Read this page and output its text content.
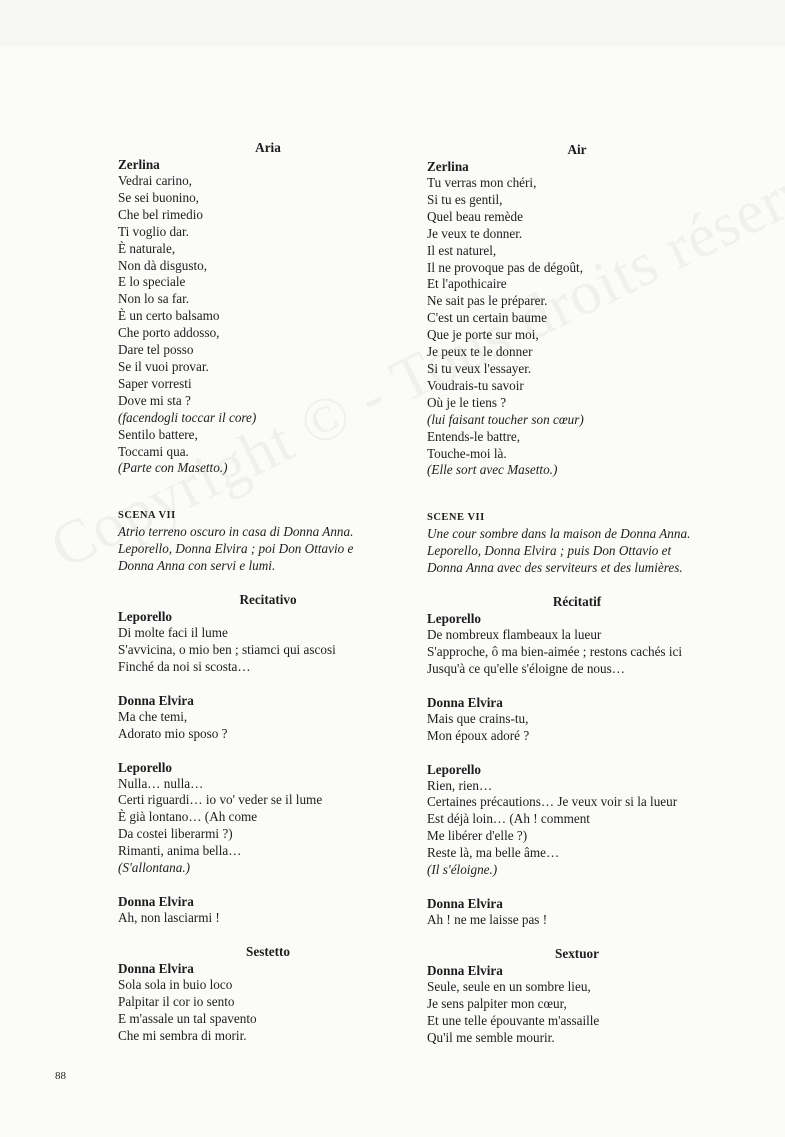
Aria
Zerlina
Vedrai carino,
Se sei buonino,
Che bel rimedio
Ti voglio dar.
È naturale,
Non dà disgusto,
E lo speciale
Non lo sa far.
È un certo balsamo
Che porto addosso,
Dare tel posso
Se il vuoi provar.
Saper vorresti
Dove mi sta ?
(facendogli toccar il core)
Sentilo battere,
Toccami qua.
(Parte con Masetto.)
SCENA VII
Atrio terreno oscuro in casa di Donna Anna.
Leporello, Donna Elvira ; poi Don Ottavio e
Donna Anna con servi e lumi.
Recitativo
Leporello
Di molte faci il lume
S'avvicina, o mio ben ; stiamci qui ascosi
Finché da noi si scosta…
Donna Elvira
Ma che temi,
Adorato mio sposo ?
Leporello
Nulla… nulla…
Certi riguardi… io vo' veder se il lume
È già lontano… (Ah come
Da costei liberarmi ?)
Rimanti, anima bella…
(S'allontana.)
Donna Elvira
Ah, non lasciarmi !
Sestetto
Donna Elvira
Sola sola in buio loco
Palpitar il cor io sento
E m'assale un tal spavento
Che mi sembra di morir.
Air
Zerlina
Tu verras mon chéri,
Si tu es gentil,
Quel beau remède
Je veux te donner.
Il est naturel,
Il ne provoque pas de dégoût,
Et l'apothicaire
Ne sait pas le préparer.
C'est un certain baume
Que je porte sur moi,
Je peux te le donner
Si tu veux l'essayer.
Voudrais-tu savoir
Où je le tiens ?
(lui faisant toucher son cœur)
Entends-le battre,
Touche-moi là.
(Elle sort avec Masetto.)
SCENE VII
Une cour sombre dans la maison de Donna Anna.
Leporello, Donna Elvira ; puis Don Ottavio et
Donna Anna avec des serviteurs et des lumières.
Récitatif
Leporello
De nombreux flambeaux la lueur
S'approche, ô ma bien-aimée ; restons cachés ici
Jusqu'à ce qu'elle s'éloigne de nous…
Donna Elvira
Mais que crains-tu,
Mon époux adoré ?
Leporello
Rien, rien…
Certaines précautions… Je veux voir si la lueur
Est déjà loin… (Ah ! comment
Me libérer d'elle ?)
Reste là, ma belle âme…
(Il s'éloigne.)
Donna Elvira
Ah ! ne me laisse pas !
Sextuor
Donna Elvira
Seule, seule en un sombre lieu,
Je sens palpiter mon cœur,
Et une telle épouvante m'assaille
Qu'il me semble mourir.
88
